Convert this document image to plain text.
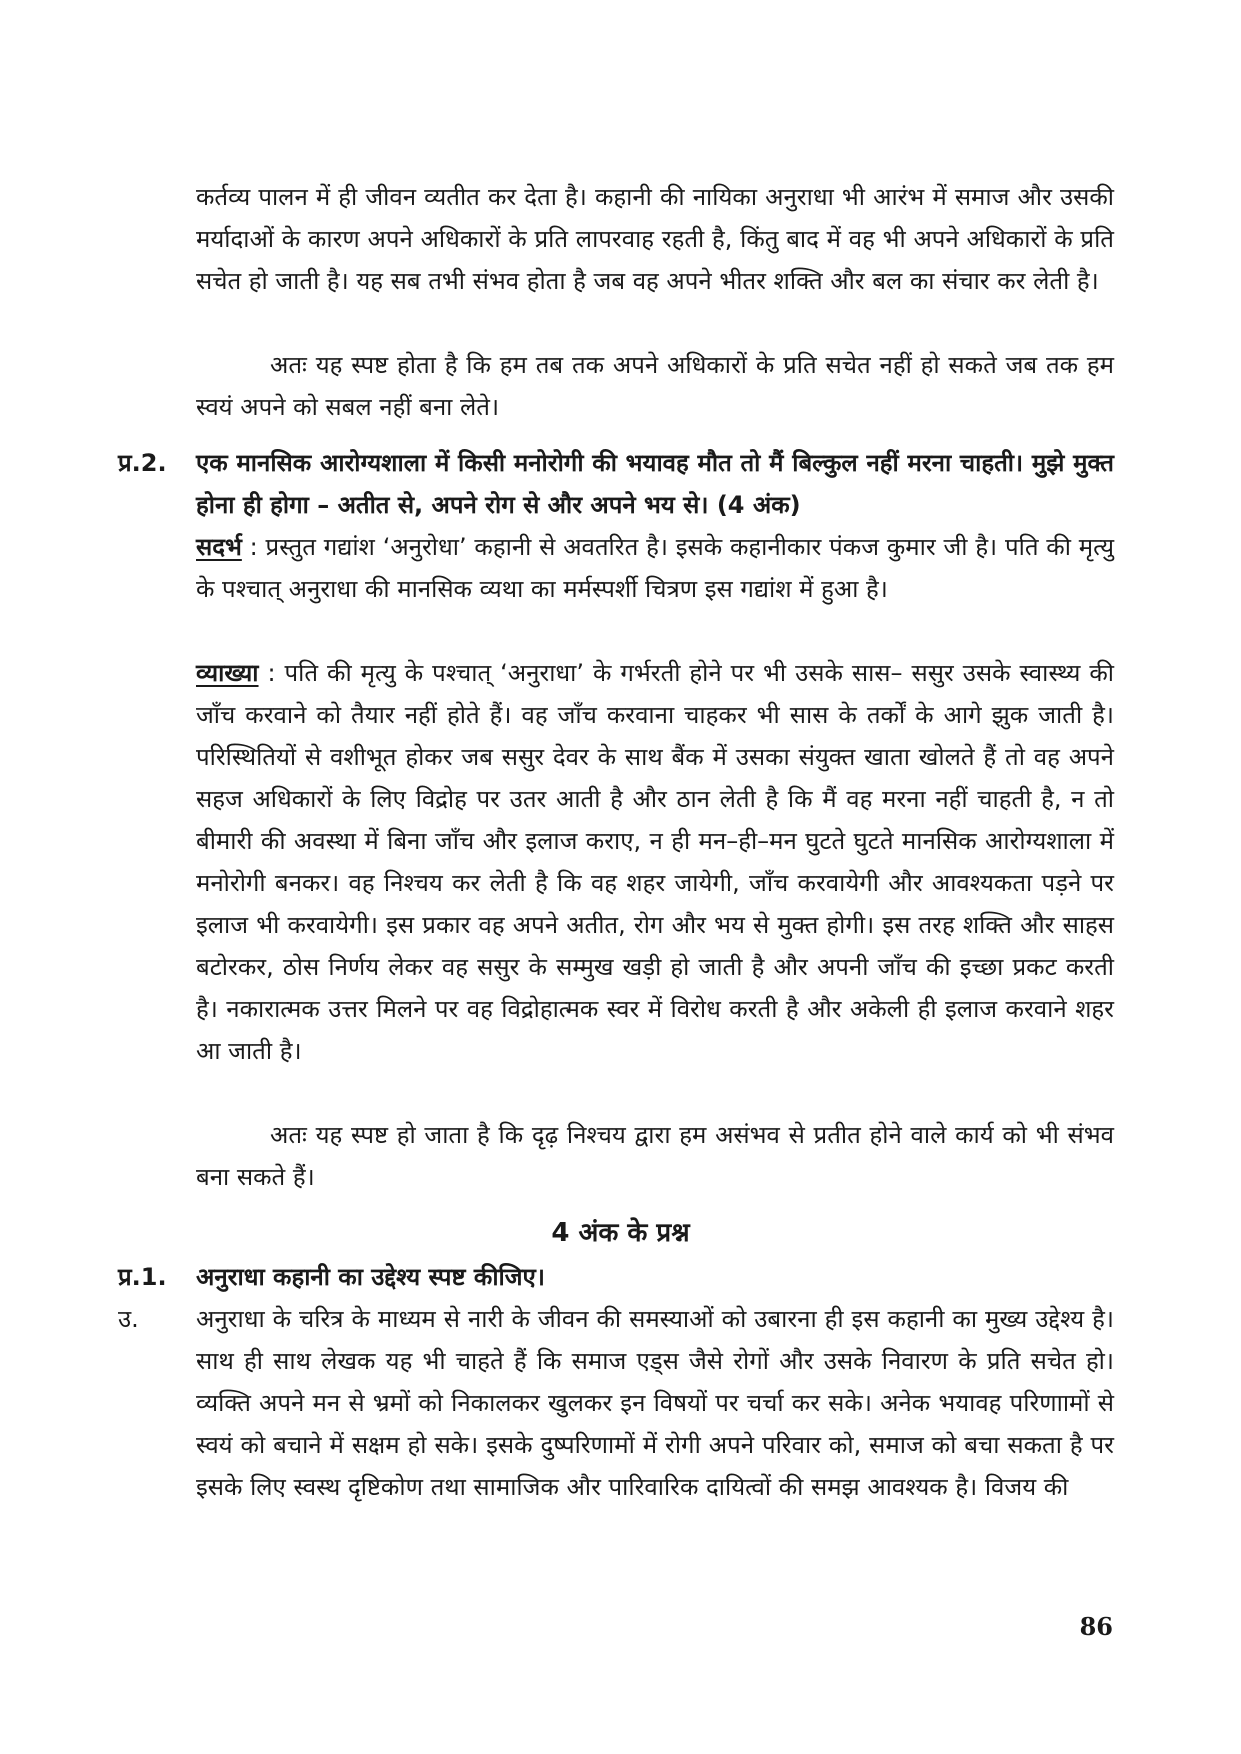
कर्तव्य पालन में ही जीवन व्यतीत कर देता है। कहानी की नायिका अनुराधा भी आरंभ में समाज और उसकी मर्यादाओं के कारण अपने अधिकारों के प्रति लापरवाह रहती है, किंतु बाद में वह भी अपने अधिकारों के प्रति सचेत हो जाती है। यह सब तभी संभव होता है जब वह अपने भीतर शक्ति और बल का संचार कर लेती है।

अतः यह स्पष्ट होता है कि हम तब तक अपने अधिकारों के प्रति सचेत नहीं हो सकते जब तक हम स्वयं अपने को सबल नहीं बना लेते।

प्र.2. एक मानसिक आरोग्यशाला में किसी मनोरोगी की भयावह मौत तो मैं बिल्कुल नहीं मरना चाहती। मुझे मुक्त होना ही होगा – अतीत से, अपने रोग से और अपने भय से। (4 अंक)

सदर्भ : प्रस्तुत गद्यांश ‘अनुरोधा’ कहानी से अवतरित है। इसके कहानीकार पंकज कुमार जी है। पति की मृत्यु के पश्चात् अनुराधा की मानसिक व्यथा का मर्मस्पर्शी चित्रण इस गद्यांश में हुआ है।

व्याख्या : पति की मृत्यु के पश्चात् ‘अनुराधा’ के गर्भरती होने पर भी उसके सास– ससुर उसके स्वास्थ्य की जाँच करवाने को तैयार नहीं होते हैं। वह जाँच करवाना चाहकर भी सास के तर्कों के आगे झुक जाती है। परिस्थितियों से वशीभूत होकर जब ससुर देवर के साथ बैंक में उसका संयुक्त खाता खोलते हैं तो वह अपने सहज अधिकारों के लिए विद्रोह पर उतर आती है और ठान लेती है कि मैं वह मरना नहीं चाहती है, न तो बीमारी की अवस्था में बिना जाँच और इलाज कराए, न ही मन–ही–मन घुटते घुटते मानसिक आरोग्यशाला में मनोरोगी बनकर। वह निश्चय कर लेती है कि वह शहर जायेगी, जाँच करवायेगी और आवश्यकता पड़ने पर इलाज भी करवायेगी। इस प्रकार वह अपने अतीत, रोग और भय से मुक्त होगी। इस तरह शक्ति और साहस बटोरकर, ठोस निर्णय लेकर वह ससुर के सम्मुख खड़ी हो जाती है और अपनी जाँच की इच्छा प्रकट करती है। नकारात्मक उत्तर मिलने पर वह विद्रोहात्मक स्वर में विरोध करती है और अकेली ही इलाज करवाने शहर आ जाती है।

अतः यह स्पष्ट हो जाता है कि दृढ़ निश्चय द्वारा हम असंभव से प्रतीत होने वाले कार्य को भी संभव बना सकते हैं।

4 अंक के प्रश्न

प्र.1. अनुराधा कहानी का उद्देश्य स्पष्ट कीजिए।

उ. अनुराधा के चरित्र के माध्यम से नारी के जीवन की समस्याओं को उबारना ही इस कहानी का मुख्य उद्देश्य है। साथ ही साथ लेखक यह भी चाहते हैं कि समाज एड्स जैसे रोगों और उसके निवारण के प्रति सचेत हो। व्यक्ति अपने मन से भ्रमों को निकालकर खुलकर इन विषयों पर चर्चा कर सके। अनेक भयावह परिणाामों से स्वयं को बचाने में सक्षम हो सके। इसके दुष्परिणामों में रोगी अपने परिवार को, समाज को बचा सकता है पर इसके लिए स्वस्थ दृष्टिकोण तथा सामाजिक और पारिवारिक दायित्वों की समझ आवश्यक है। विजय की

86
